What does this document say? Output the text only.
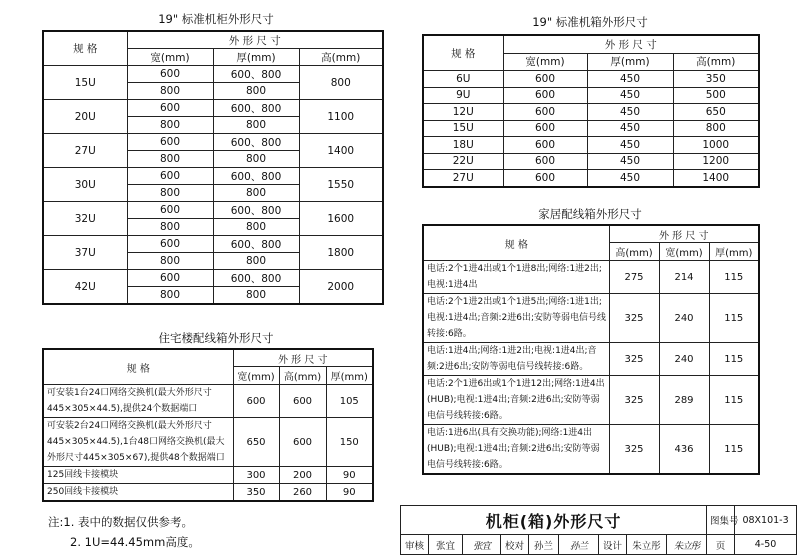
19" 标准机柜外形尺寸
规 格	外 形 尺 寸		
	宽(mm)	厚(mm)	高(mm)
15U	600	600、800	800
	800	800	
20U	600	600、800	1100
	800	800	
27U	600	600、800	1400
	800	800	
30U	600	600、800	1550
	800	800	
32U	600	600、800	1600
	800	800	
37U	600	600、800	1800
	800	800	
42U	600	600、800	2000
	800	800	
19" 标准机箱外形尺寸
规 格	外 形 尺 寸		
	宽(mm)	厚(mm)	高(mm)
6U	600	450	350
9U	600	450	500
12U	600	450	650
15U	600	450	800
18U	600	450	1000
22U	600	450	1200
27U	600	450	1400
住宅楼配线箱外形尺寸
规 格	外 形 尺 寸		
	宽(mm)	高(mm)	厚(mm)
可安装1台24口网络交换机(最大外形尺寸445×305×44.5),提供24个数据端口	600	600	105
可安装2台24口网络交换机(最大外形尺寸445×305×44.5),1台48口网络交换机(最大外形尺寸445×305×67),提供48个数据端口	650	600	150
125回线卡接模块	300	200	90
250回线卡接模块	350	260	90
家居配线箱外形尺寸
规 格	外 形 尺 寸		
	高(mm)	宽(mm)	厚(mm)
电话:2个1进4出或1个1进8出;网络:1进2出;电视:1进4出	275	214	115
电话:2个1进2出或1个1进5出;网络:1进1出;电视:1进4出;音频:2进6出;安防等弱电信号线转接:6路。	325	240	115
电话:1进4出;网络:1进2出;电视:1进4出;音频:2进6出;安防等弱电信号线转接:6路。	325	240	115
电话:2个1进6出或1个1进12出;网络:1进4出(HUB);电视:1进4出;音频:2进6出;安防等弱电信号线转接:6路。	325	289	115
电话:1进6出(具有交换功能);网络:1进4出(HUB);电视:1进4出;音频:2进6出;安防等弱电信号线转接:6路。	325	436	115
注:1. 表中的数据仅供参考。
2. 1U=44.45mm高度。
机柜(箱)外形尺寸									图集号	08X101-3
审核	张宜	张宜	校对	孙兰	孙兰	设计	朱立彤	朱立彤	页	4-50
